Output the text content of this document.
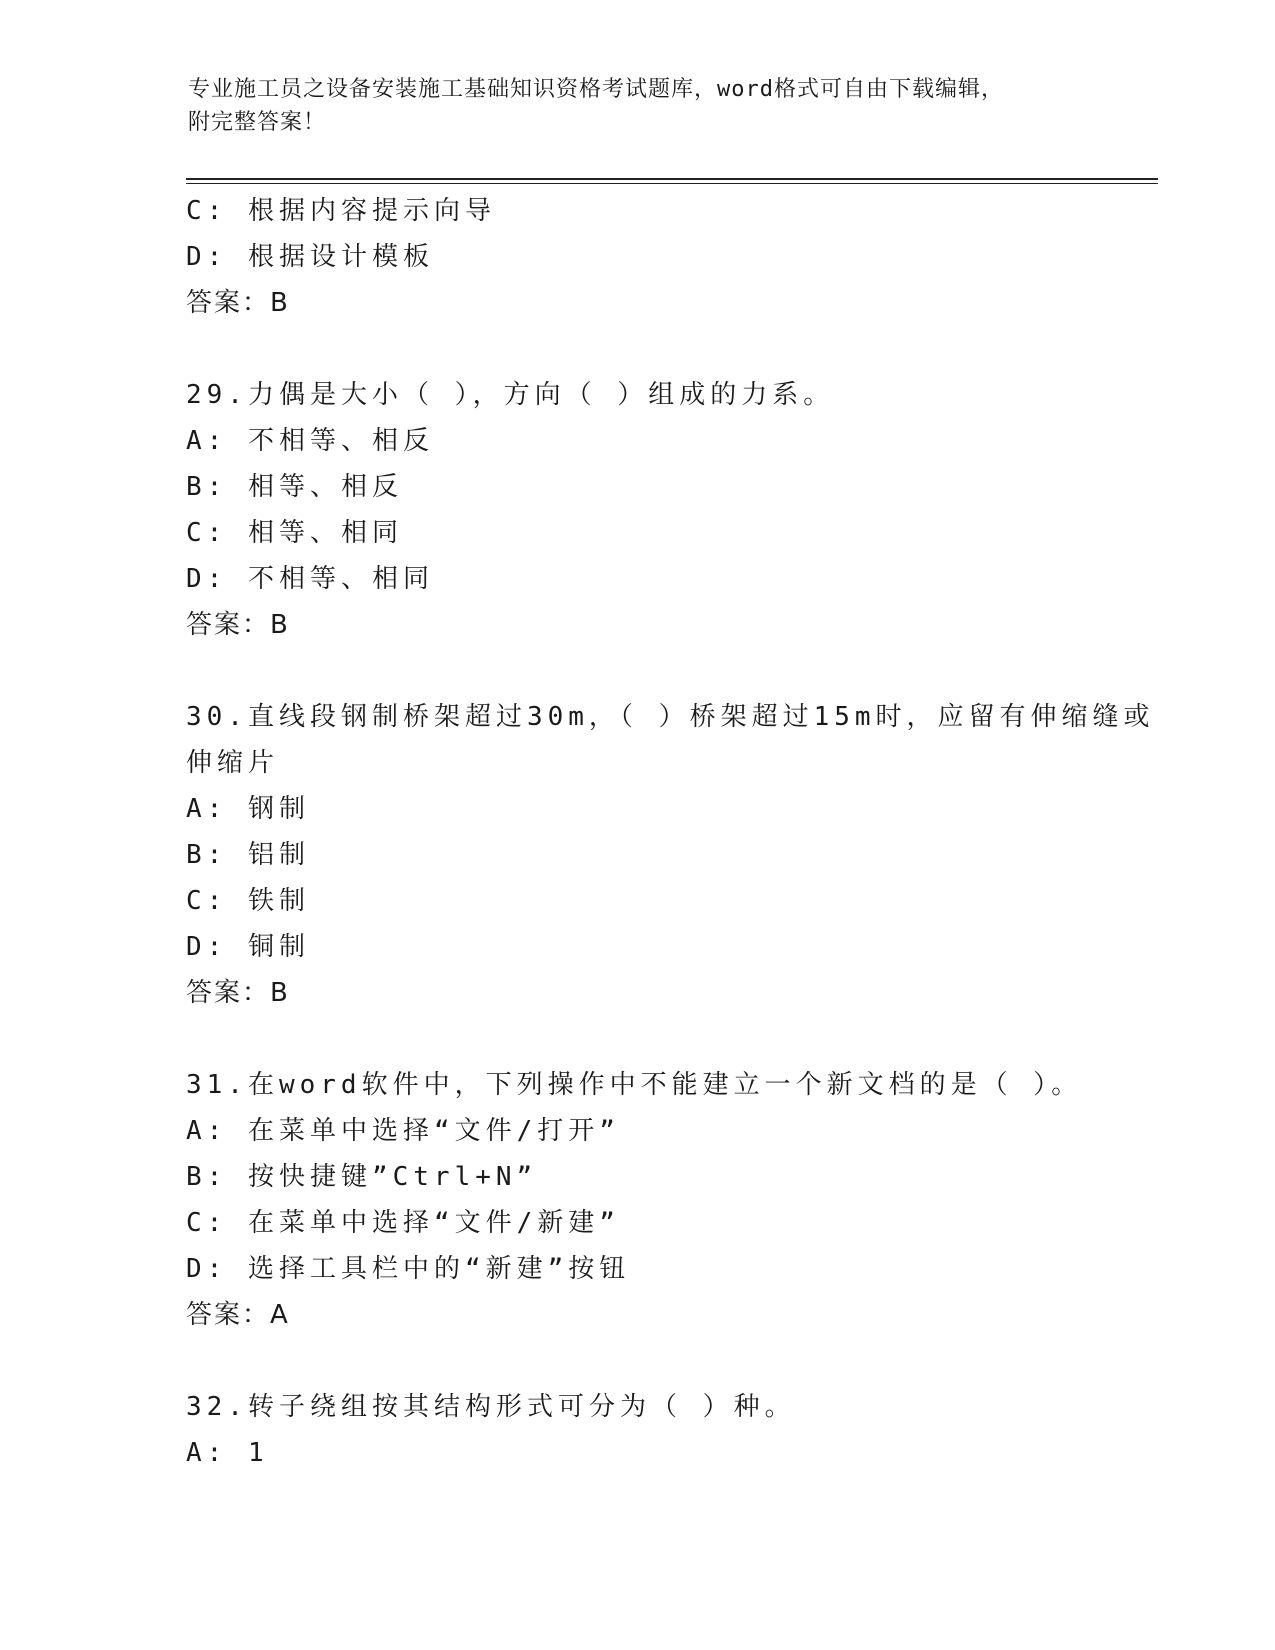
专业施工员之设备安装施工基础知识资格考试题库，word格式可自由下载编辑，
附完整答案！
C: 根据内容提示向导
D: 根据设计模板
答案：B
29.力偶是大小（ ），方向（ ）组成的力系。
A: 不相等、相反
B: 相等、相反
C: 相等、相同
D: 不相等、相同
答案：B
30.直线段钢制桥架超过30m，（ ）桥架超过15m时，应留有伸缩缝或
伸缩片
A: 钢制
B: 铝制
C: 铁制
D: 铜制
答案：B
31.在word软件中，下列操作中不能建立一个新文档的是（ ）。
A: 在菜单中选择“文件/打开”
B: 按快捷键”Ctrl+N”
C: 在菜单中选择“文件/新建”
D: 选择工具栏中的“新建”按钮
答案：A
32.转子绕组按其结构形式可分为（ ）种。
A: 1
